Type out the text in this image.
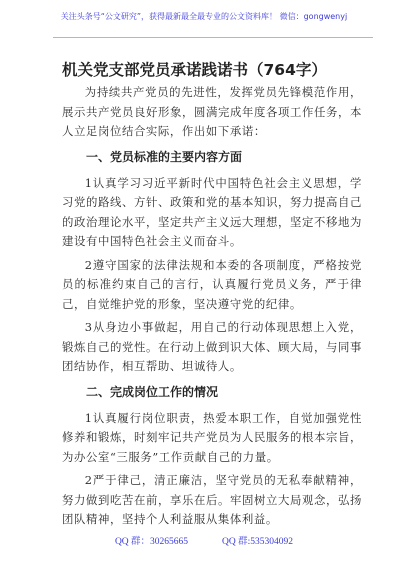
关注头条号“公文研究”，获得最新最全最专业的公文资料库！ 微信：gongwenyj
机关党支部党员承诺践诺书（764字）

为持续共产党员的先进性，发挥党员先锋模范作用，展示共产党员良好形象，圆满完成年度各项工作任务，本人立足岗位结合实际，作出如下承诺：

一、党员标准的主要内容方面

1认真学习习近平新时代中国特色社会主义思想，学习党的路线、方针、政策和党的基本知识，努力提高自己的政治理论水平，坚定共产主义远大理想，坚定不移地为建设有中国特色社会主义而奋斗。

2遵守国家的法律法规和本委的各项制度，严格按党员的标准约束自己的言行，认真履行党员义务，严于律己，自觉维护党的形象，坚决遵守党的纪律。

3从身边小事做起，用自己的行动体现思想上入党，锻炼自己的党性。在行动上做到识大体、顾大局，与同事团结协作，相互帮助、坦诚待人。

二、完成岗位工作的情况

1认真履行岗位职责，热爱本职工作，自觉加强党性修养和锻炼，时刻牢记共产党员为人民服务的根本宗旨，为办公室“三服务”工作贡献自己的力量。

2严于律己，清正廉洁，坚守党员的无私奉献精神，努力做到吃苦在前，享乐在后。牢固树立大局观念，弘扬团队精神，坚持个人利益服从集体利益。

QQ 群：30265665	QQ 群:535304092
